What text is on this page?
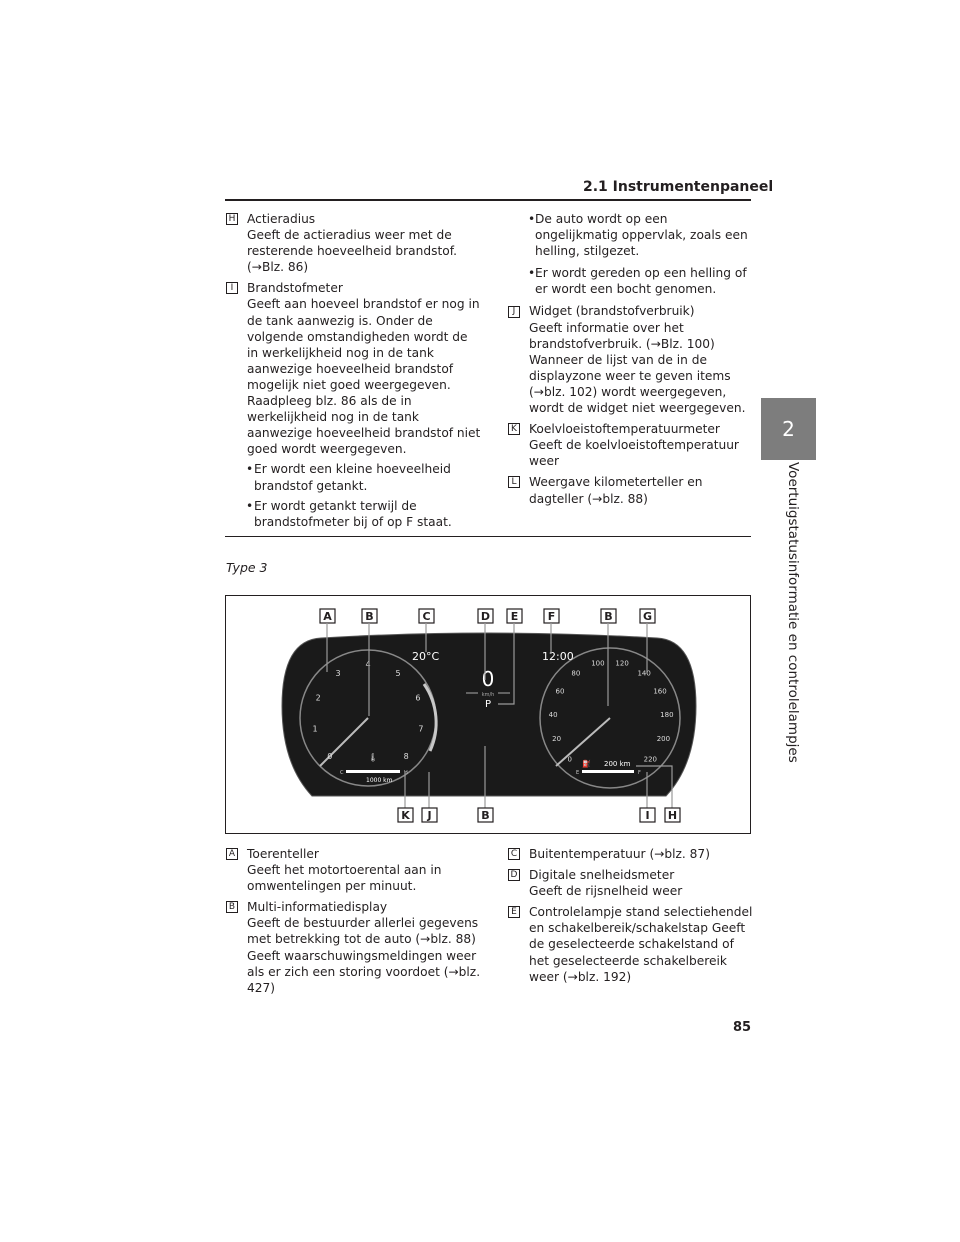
2.1 Instrumentenpaneel
2
Voertuigstatusinformatie en controlelampjes
H Actieradius
Geeft de actieradius weer met de resterende hoeveelheid brandstof. (→Blz. 86)
I	Brandstofmeter
Geeft aan hoeveel brandstof er nog in de tank aanwezig is. Onder de volgende omstandigheden wordt de in werkelijkheid nog in de tank aanwezige hoeveelheid brandstof mogelijk niet goed weergegeven. Raadpleeg blz. 86 als de in werkelijkheid nog in de tank aanwezige hoeveelheid brandstof niet goed wordt weergegeven.
• Er wordt een kleine hoeveelheid brandstof getankt.
• Er wordt getankt terwijl de brandstofmeter bij of op F staat.
• De auto wordt op een ongelijkmatig oppervlak, zoals een helling, stilgezet.
• Er wordt gereden op een helling of er wordt een bocht genomen.
J	Widget (brandstofverbruik)
Geeft informatie over het brandstofverbruik. (→Blz. 100) Wanneer de lijst van de in de displayzone weer te geven items (→blz. 102) wordt weergegeven, wordt de widget niet weergegeven.
K Koelvloeistoftemperatuurmeter
Geeft de koelvloeistoftemperatuur weer
L Weergave kilometerteller en
dagteller (→blz. 88)
Type 3
A	B	C	D E	F	B	G
0
1
2
3
4
5
6
7
8	0
20
40
60
80
100 120
140
160
180
200
220
20°C	12:00
0
km/h
P
C	H
🌡
1000 km
E	F
⛽ 200 km
K J	B	I H
A Toerenteller
Geeft het motortoerental aan in omwentelingen per minuut.
B Multi-informatiedisplay
Geeft de bestuurder allerlei gegevens met betrekking tot de auto (→blz. 88) Geeft waarschuwingsmeldingen weer als er zich een storing voordoet (→blz. 427)
C Buitentemperatuur (→blz. 87)
D Digitale snelheidsmeter
Geeft de rijsnelheid weer
E Controlelampje stand selectiehendel
en schakelbereik/schakelstap Geeft de geselecteerde schakelstand of het geselecteerde schakelbereik weer (→blz. 192)
85
